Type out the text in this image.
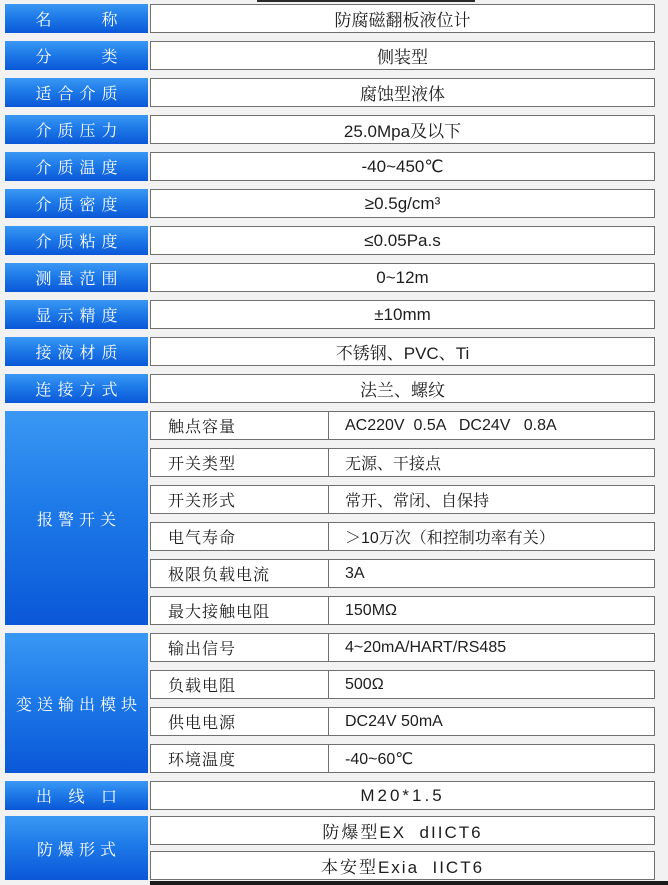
名　　称	防腐磁翻板液位计
分　　类	侧装型
适合介质	腐蚀型液体
介质压力	25.0Mpa及以下
介质温度	-40~450℃
介质密度	≥0.5g/cm³
介质粘度	≤0.05Pa.s
测量范围	0~12m
显示精度	±10mm
接液材质	不锈钢、PVC、Ti
连接方式	法兰、螺纹
报警开关
触点容量	AC220V  0.5A   DC24V   0.8A
开关类型	无源、干接点
开关形式	常开、常闭、自保持
电气寿命	＞10万次（和控制功率有关）
极限负载电流	3A
最大接触电阻	150MΩ
变送输出模块
输出信号	4~20mA/HART/RS485
负载电阻	500Ω
供电电源	DC24V 50mA
环境温度	-40~60℃
出 线 口	M20*1.5
防爆形式
防爆型EX  dIICT6
本安型Exia  IICT6
